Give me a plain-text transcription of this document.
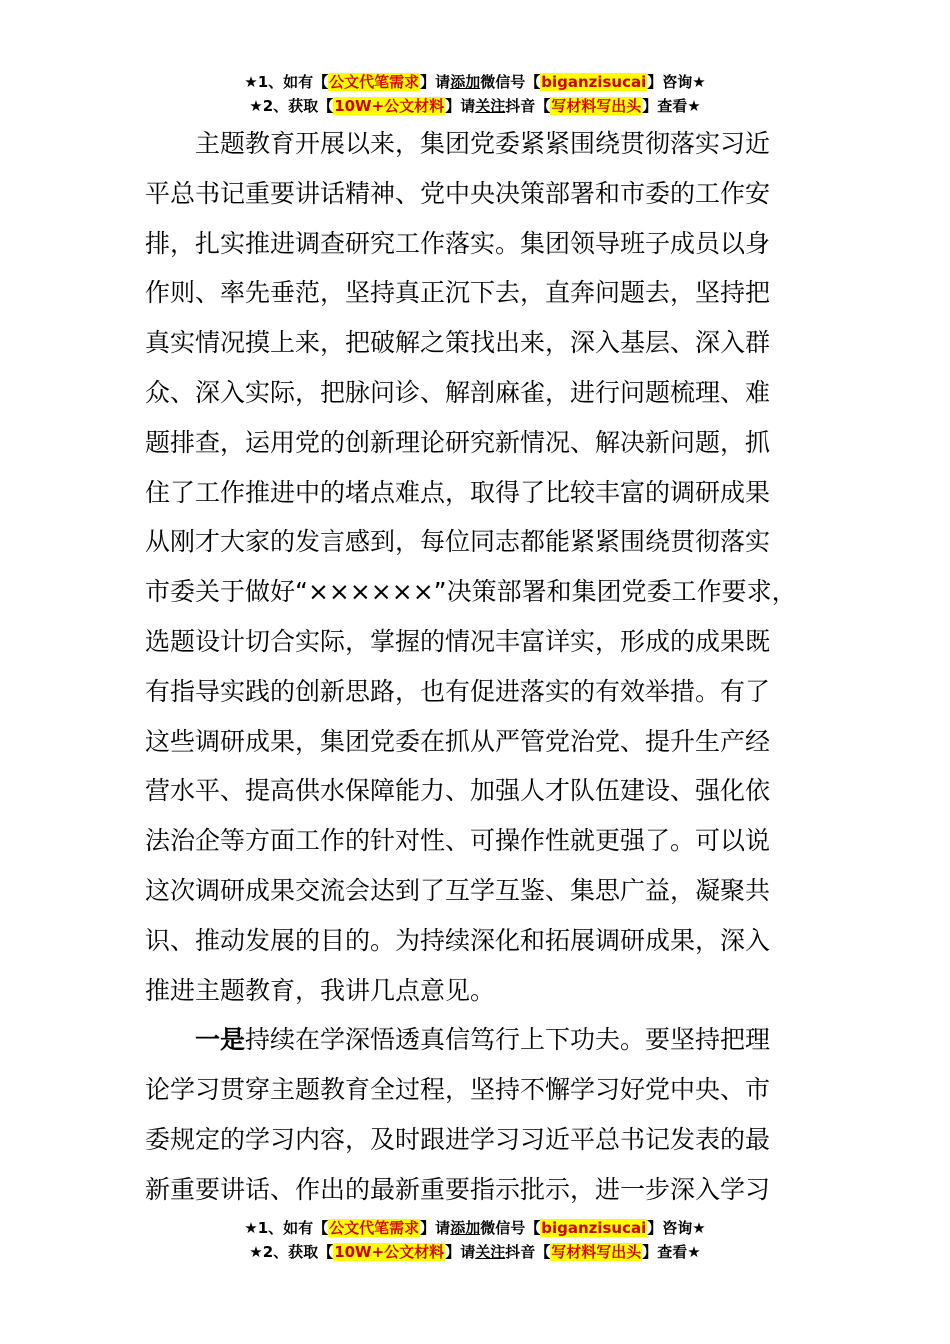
★1、如有【公文代笔需求】请添加微信号【biganzisucai】咨询★
★2、获取【10W+公文材料】请关注抖音【写材料写出头】查看★
主题教育开展以来，集团党委紧紧围绕贯彻落实习近
平总书记重要讲话精神、党中央决策部署和市委的工作安
排，扎实推进调查研究工作落实。集团领导班子成员以身
作则、率先垂范，坚持真正沉下去，直奔问题去，坚持把
真实情况摸上来，把破解之策找出来，深入基层、深入群
众、深入实际，把脉问诊、解剖麻雀，进行问题梳理、难
题排查，运用党的创新理论研究新情况、解决新问题，抓
住了工作推进中的堵点难点，取得了比较丰富的调研成果
从刚才大家的发言感到，每位同志都能紧紧围绕贯彻落实
市委关于做好“××××××”决策部署和集团党委工作要求，
选题设计切合实际，掌握的情况丰富详实，形成的成果既
有指导实践的创新思路，也有促进落实的有效举措。有了
这些调研成果，集团党委在抓从严管党治党、提升生产经
营水平、提高供水保障能力、加强人才队伍建设、强化依
法治企等方面工作的针对性、可操作性就更强了。可以说
这次调研成果交流会达到了互学互鉴、集思广益，凝聚共
识、推动发展的目的。为持续深化和拓展调研成果，深入
推进主题教育，我讲几点意见。
一是持续在学深悟透真信笃行上下功夫。要坚持把理
论学习贯穿主题教育全过程，坚持不懈学习好党中央、市
委规定的学习内容，及时跟进学习习近平总书记发表的最
新重要讲话、作出的最新重要指示批示，进一步深入学习
★1、如有【公文代笔需求】请添加微信号【biganzisucai】咨询★
★2、获取【10W+公文材料】请关注抖音【写材料写出头】查看★
